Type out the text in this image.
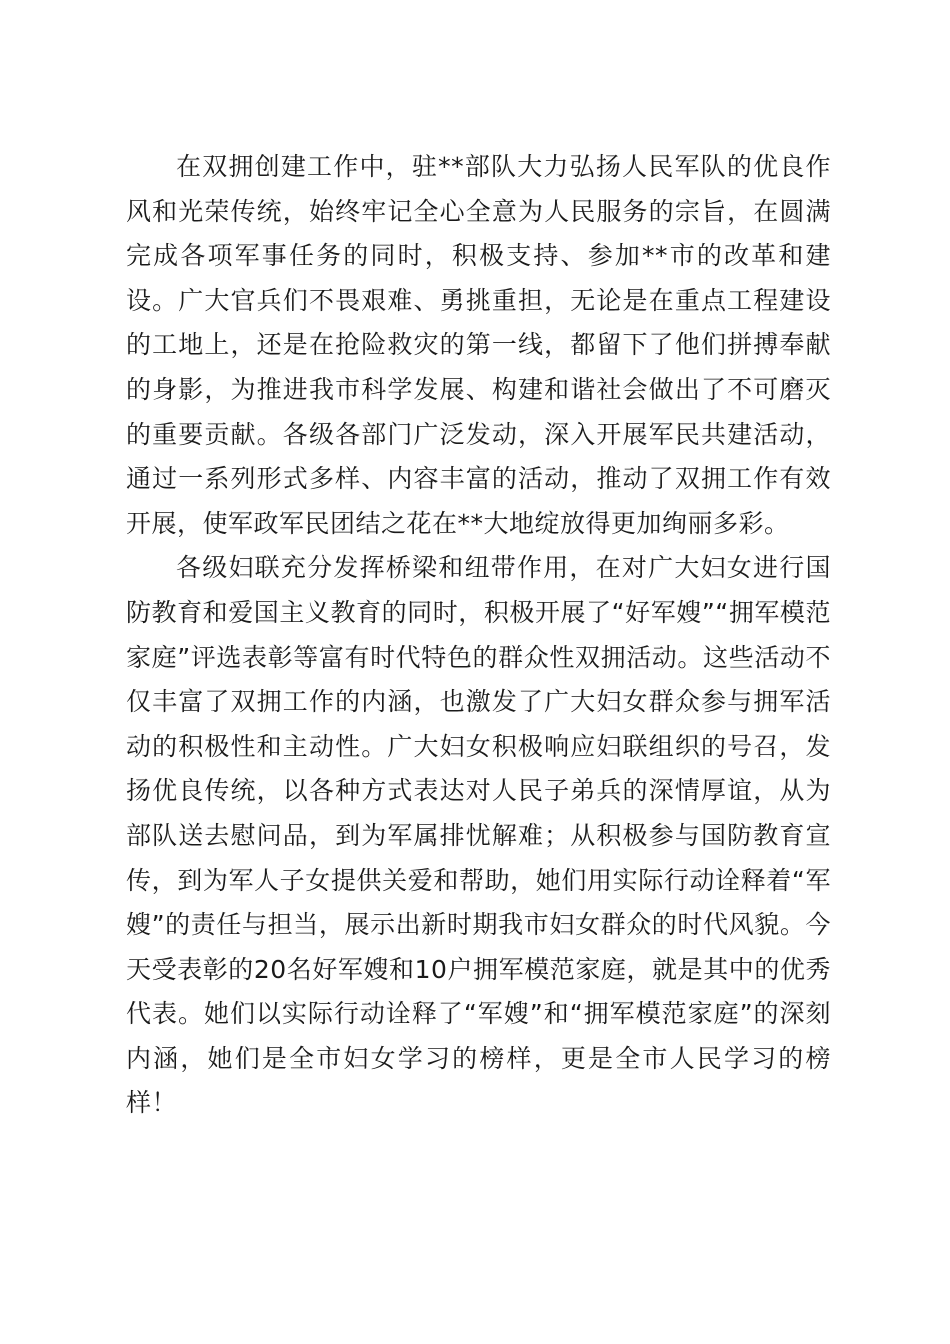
在双拥创建工作中，驻**部队大力弘扬人民军队的优良作风和光荣传统，始终牢记全心全意为人民服务的宗旨，在圆满完成各项军事任务的同时，积极支持、参加**市的改革和建设。广大官兵们不畏艰难、勇挑重担，无论是在重点工程建设的工地上，还是在抢险救灾的第一线，都留下了他们拼搏奉献的身影，为推进我市科学发展、构建和谐社会做出了不可磨灭的重要贡献。各级各部门广泛发动，深入开展军民共建活动，通过一系列形式多样、内容丰富的活动，推动了双拥工作有效开展，使军政军民团结之花在**大地绽放得更加绚丽多彩。

各级妇联充分发挥桥梁和纽带作用，在对广大妇女进行国防教育和爱国主义教育的同时，积极开展了“好军嫂”“拥军模范家庭”评选表彰等富有时代特色的群众性双拥活动。这些活动不仅丰富了双拥工作的内涵，也激发了广大妇女群众参与拥军活动的积极性和主动性。广大妇女积极响应妇联组织的号召，发扬优良传统，以各种方式表达对人民子弟兵的深情厚谊，从为部队送去慰问品，到为军属排忧解难；从积极参与国防教育宣传，到为军人子女提供关爱和帮助，她们用实际行动诠释着“军嫂”的责任与担当，展示出新时期我市妇女群众的时代风貌。今天受表彰的20名好军嫂和10户拥军模范家庭，就是其中的优秀代表。她们以实际行动诠释了“军嫂”和“拥军模范家庭”的深刻内涵，她们是全市妇女学习的榜样，更是全市人民学习的榜样！
